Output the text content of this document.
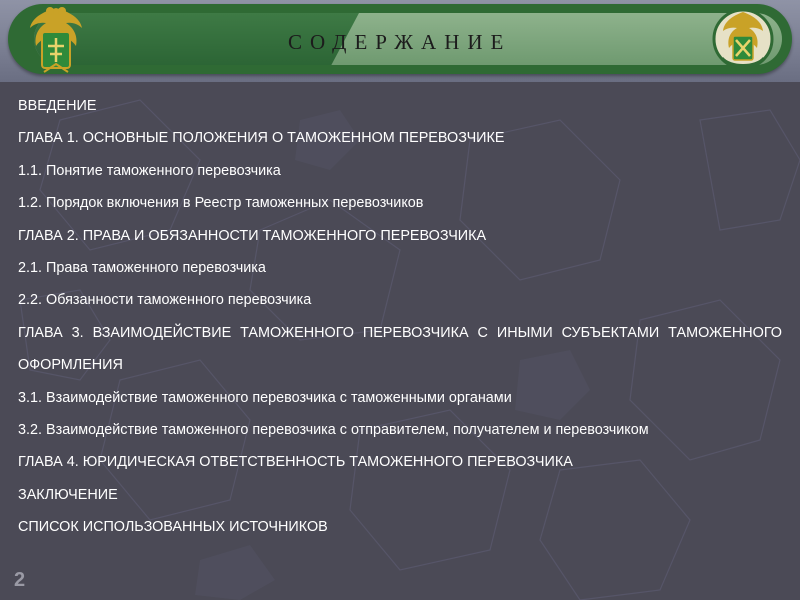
СОДЕРЖАНИЕ
ВВЕДЕНИЕ
ГЛАВА 1. ОСНОВНЫЕ ПОЛОЖЕНИЯ О ТАМОЖЕННОМ ПЕРЕВОЗЧИКЕ
1.1. Понятие таможенного перевозчика
1.2. Порядок включения в Реестр таможенных перевозчиков
ГЛАВА 2. ПРАВА И ОБЯЗАННОСТИ ТАМОЖЕННОГО ПЕРЕВОЗЧИКА
2.1. Права таможенного перевозчика
2.2. Обязанности таможенного перевозчика
ГЛАВА 3. ВЗАИМОДЕЙСТВИЕ ТАМОЖЕННОГО ПЕРЕВОЗЧИКА С ИНЫМИ СУБЪЕКТАМИ ТАМОЖЕННОГО ОФОРМЛЕНИЯ
3.1. Взаимодействие таможенного перевозчика с таможенными органами
3.2. Взаимодействие таможенного перевозчика с отправителем, получателем и перевозчиком
ГЛАВА 4. ЮРИДИЧЕСКАЯ ОТВЕТСТВЕННОСТЬ ТАМОЖЕННОГО ПЕРЕВОЗЧИКА
ЗАКЛЮЧЕНИЕ
СПИСОК ИСПОЛЬЗОВАННЫХ ИСТОЧНИКОВ
2
